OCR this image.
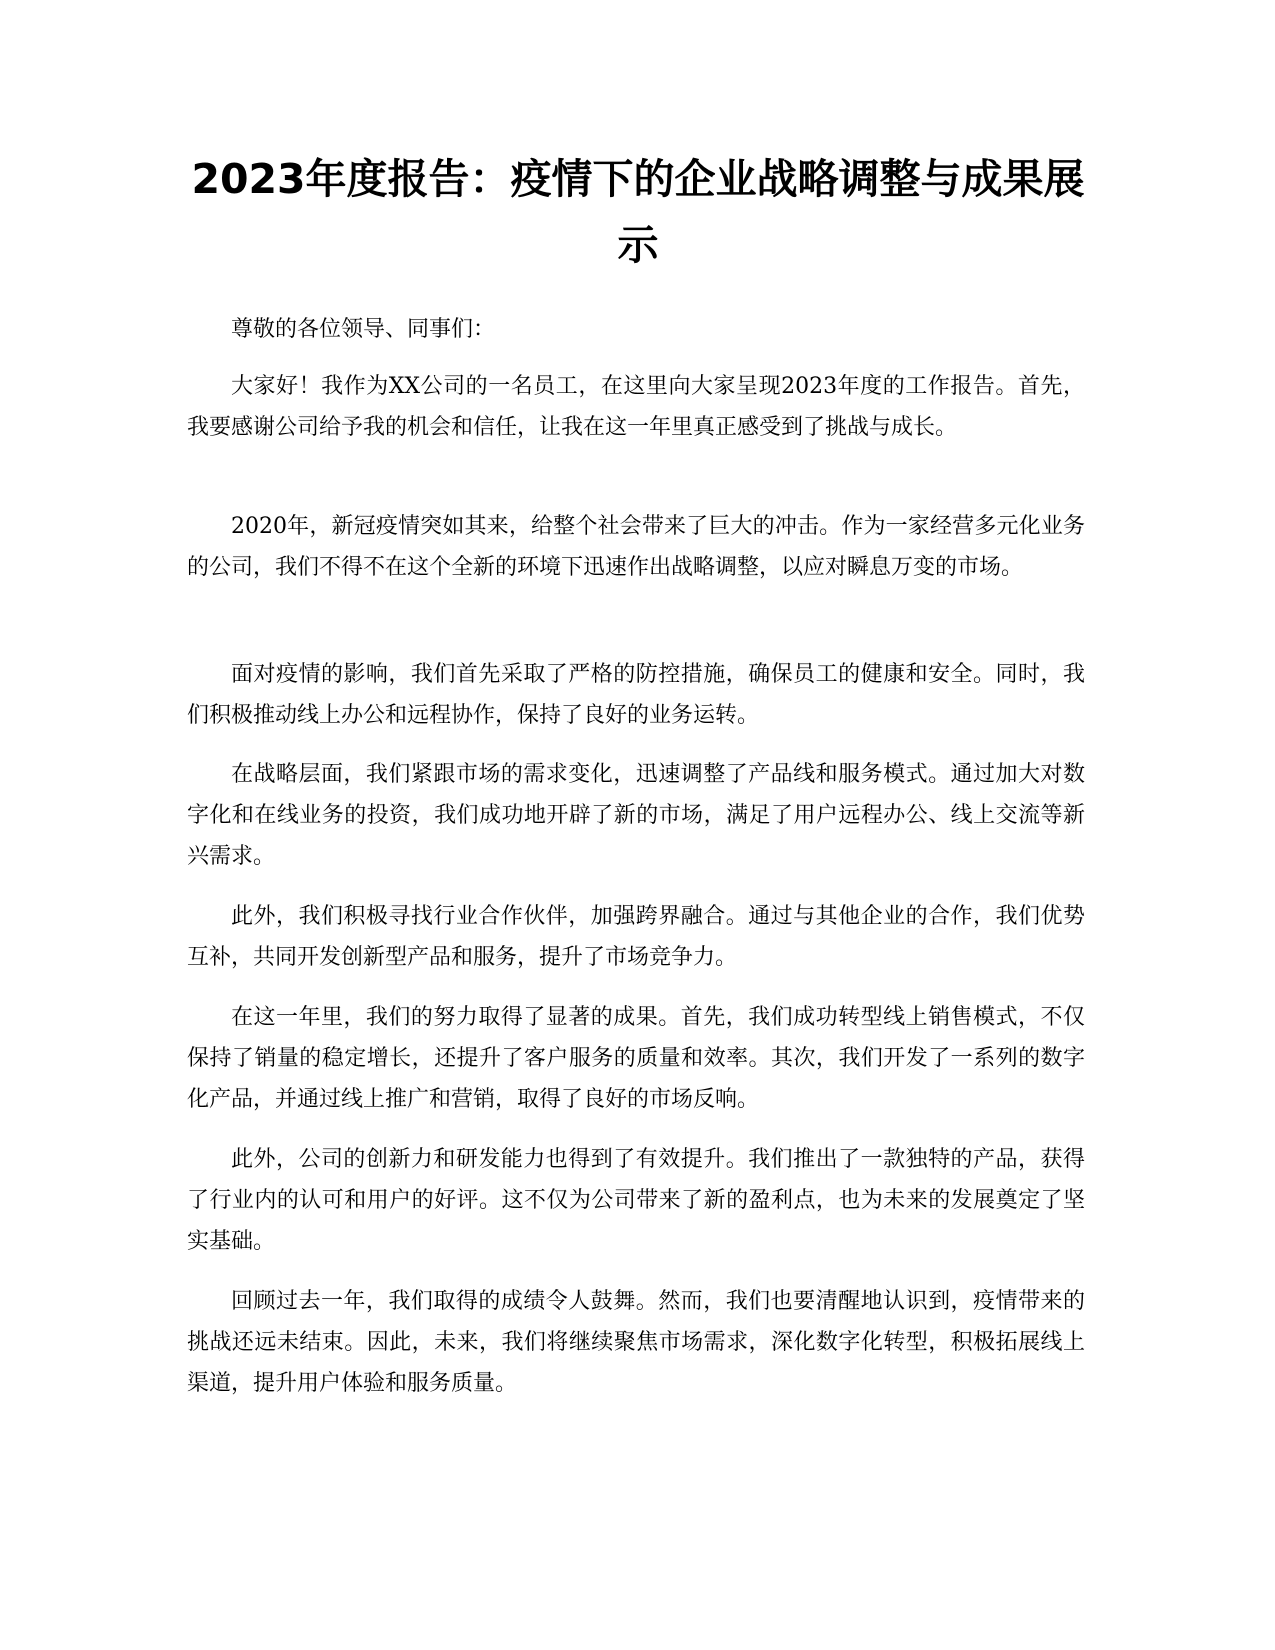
2023年度报告：疫情下的企业战略调整与成果展示

尊敬的各位领导、同事们：

大家好！我作为XX公司的一名员工，在这里向大家呈现2023年度的工作报告。首先，我要感谢公司给予我的机会和信任，让我在这一年里真正感受到了挑战与成长。

2020年，新冠疫情突如其来，给整个社会带来了巨大的冲击。作为一家经营多元化业务的公司，我们不得不在这个全新的环境下迅速作出战略调整，以应对瞬息万变的市场。

面对疫情的影响，我们首先采取了严格的防控措施，确保员工的健康和安全。同时，我们积极推动线上办公和远程协作，保持了良好的业务运转。

在战略层面，我们紧跟市场的需求变化，迅速调整了产品线和服务模式。通过加大对数字化和在线业务的投资，我们成功地开辟了新的市场，满足了用户远程办公、线上交流等新兴需求。

此外，我们积极寻找行业合作伙伴，加强跨界融合。通过与其他企业的合作，我们优势互补，共同开发创新型产品和服务，提升了市场竞争力。

在这一年里，我们的努力取得了显著的成果。首先，我们成功转型线上销售模式，不仅保持了销量的稳定增长，还提升了客户服务的质量和效率。其次，我们开发了一系列的数字化产品，并通过线上推广和营销，取得了良好的市场反响。

此外，公司的创新力和研发能力也得到了有效提升。我们推出了一款独特的产品，获得了行业内的认可和用户的好评。这不仅为公司带来了新的盈利点，也为未来的发展奠定了坚实基础。

回顾过去一年，我们取得的成绩令人鼓舞。然而，我们也要清醒地认识到，疫情带来的挑战还远未结束。因此，未来，我们将继续聚焦市场需求，深化数字化转型，积极拓展线上渠道，提升用户体验和服务质量。
